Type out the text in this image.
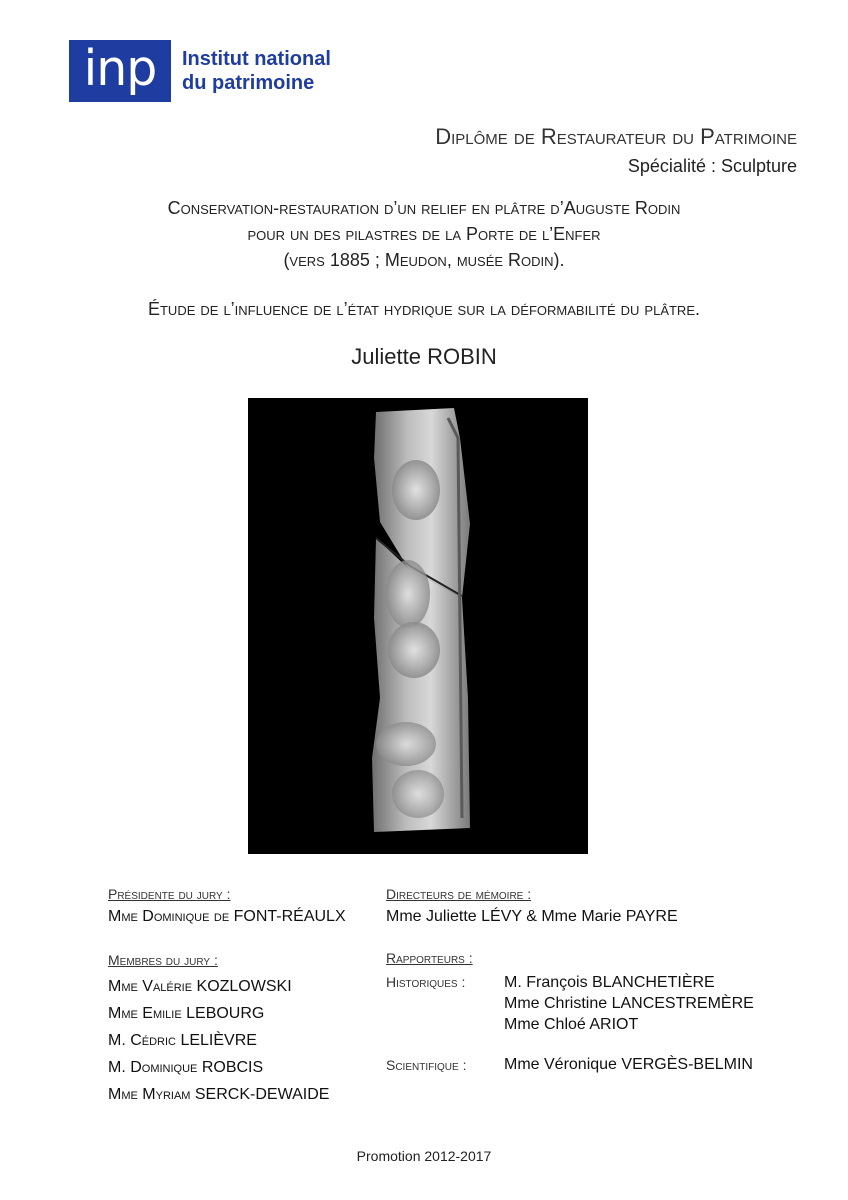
inp	Institut national
du patrimoine
Diplôme de Restaurateur du Patrimoine
Spécialité : Sculpture
Conservation-restauration d’un relief en plâtre d’Auguste Rodin
pour un des pilastres de la Porte de l’Enfer
(vers 1885 ; Meudon, musée Rodin).
Étude de l’influence de l’état hydrique sur la déformabilité du plâtre.
Juliette ROBIN
Présidente du jury :
Mme Dominique de FONT-RÉAULX
Membres du jury :
Mme Valérie KOZLOWSKI
Mme Emilie LEBOURG
M. Cédric LELIÈVRE
M. Dominique ROBCIS
Mme Myriam SERCK-DEWAIDE
Directeurs de mémoire :
Mme Juliette LÉVY & Mme Marie PAYRE
Rapporteurs :
Historiques : M. François BLANCHETIÈRE
Mme Christine LANCESTREMÈRE
Mme Chloé ARIOT
Scientifique : Mme Véronique VERGÈS-BELMIN
Promotion 2012-2017
